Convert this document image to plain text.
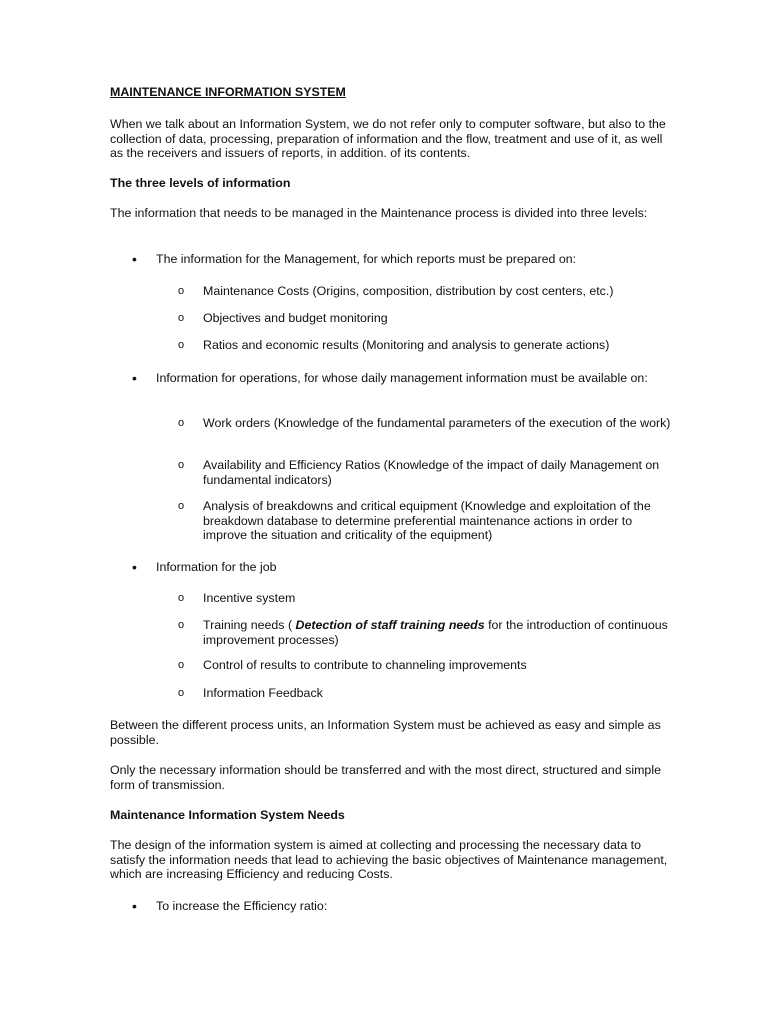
MAINTENANCE INFORMATION SYSTEM
When we talk about an Information System, we do not refer only to computer software, but also to the collection of data, processing, preparation of information and the flow, treatment and use of it, as well as the receivers and issuers of reports, in addition. of its contents.
The three levels of information
The information that needs to be managed in the Maintenance process is divided into three levels:
• The information for the Management, for which reports must be prepared on:
o Maintenance Costs (Origins, composition, distribution by cost centers, etc.)
o Objectives and budget monitoring
o Ratios and economic results (Monitoring and analysis to generate actions)
• Information for operations, for whose daily management information must be available on:
o Work orders (Knowledge of the fundamental parameters of the execution of the work)
o Availability and Efficiency Ratios (Knowledge of the impact of daily Management on fundamental indicators)
o Analysis of breakdowns and critical equipment (Knowledge and exploitation of the breakdown database to determine preferential maintenance actions in order to improve the situation and criticality of the equipment)
• Information for the job
o Incentive system
o Training needs ( Detection of staff training needs for the introduction of continuous improvement processes)
o Control of results to contribute to channeling improvements
o Information Feedback
Between the different process units, an Information System must be achieved as easy and simple as possible.
Only the necessary information should be transferred and with the most direct, structured and simple form of transmission.
Maintenance Information System Needs
The design of the information system is aimed at collecting and processing the necessary data to satisfy the information needs that lead to achieving the basic objectives of Maintenance management, which are increasing Efficiency and reducing Costs.
• To increase the Efficiency ratio:
